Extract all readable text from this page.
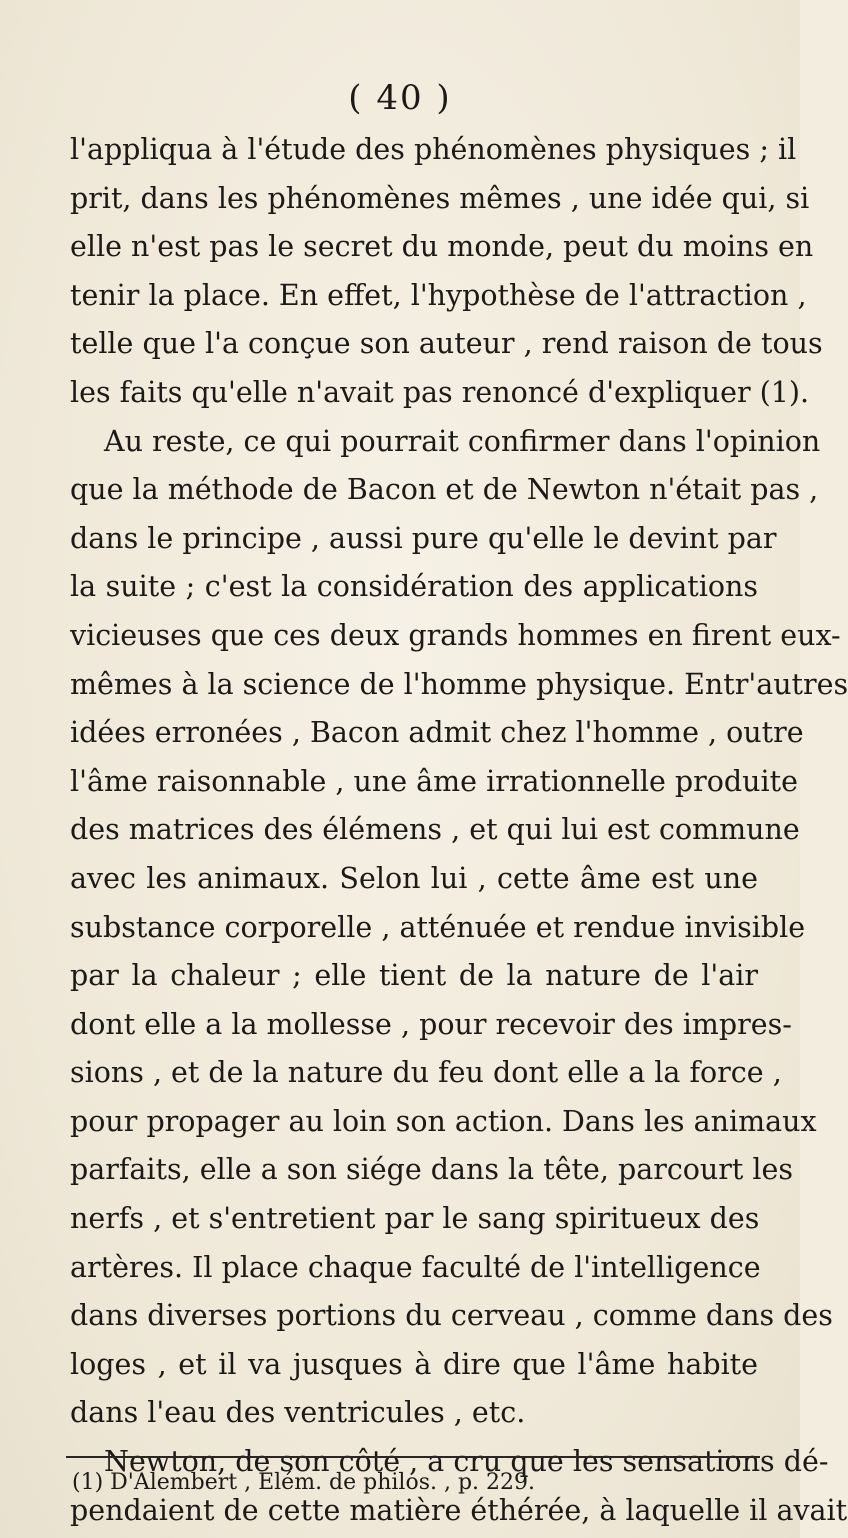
( 40 )
l'appliqua à l'étude des phénomènes physiques ; il
prit, dans les phénomènes mêmes , une idée qui, si
elle n'est pas le secret du monde, peut du moins en
tenir la place. En effet, l'hypothèse de l'attraction ,
telle que l'a conçue son auteur , rend raison de tous
les faits qu'elle n'avait pas renoncé d'expliquer (1).
Au reste, ce qui pourrait confirmer dans l'opinion
que la méthode de Bacon et de Newton n'était pas ,
dans le principe , aussi pure qu'elle le devint par
la suite ; c'est la considération des applications
vicieuses que ces deux grands hommes en firent eux-
mêmes à la science de l'homme physique. Entr'autres
idées erronées , Bacon admit chez l'homme , outre
l'âme raisonnable , une âme irrationnelle produite
des matrices des élémens , et qui lui est commune
avec les animaux. Selon lui , cette âme est une
substance corporelle , atténuée et rendue invisible
par la chaleur ; elle tient de la nature de l'air
dont elle a la mollesse , pour recevoir des impres-
sions , et de la nature du feu dont elle a la force ,
pour propager au loin son action. Dans les animaux
parfaits, elle a son siége dans la tête, parcourt les
nerfs , et s'entretient par le sang spiritueux des
artères. Il place chaque faculté de l'intelligence
dans diverses portions du cerveau , comme dans des
loges , et il va jusques à dire que l'âme habite
dans l'eau des ventricules , etc.
Newton, de son côté , a cru que les sensations dé-
pendaient de cette matière éthérée, à laquelle il avait
(1) D'Alembert , Elém. de philos. , p. 229.
